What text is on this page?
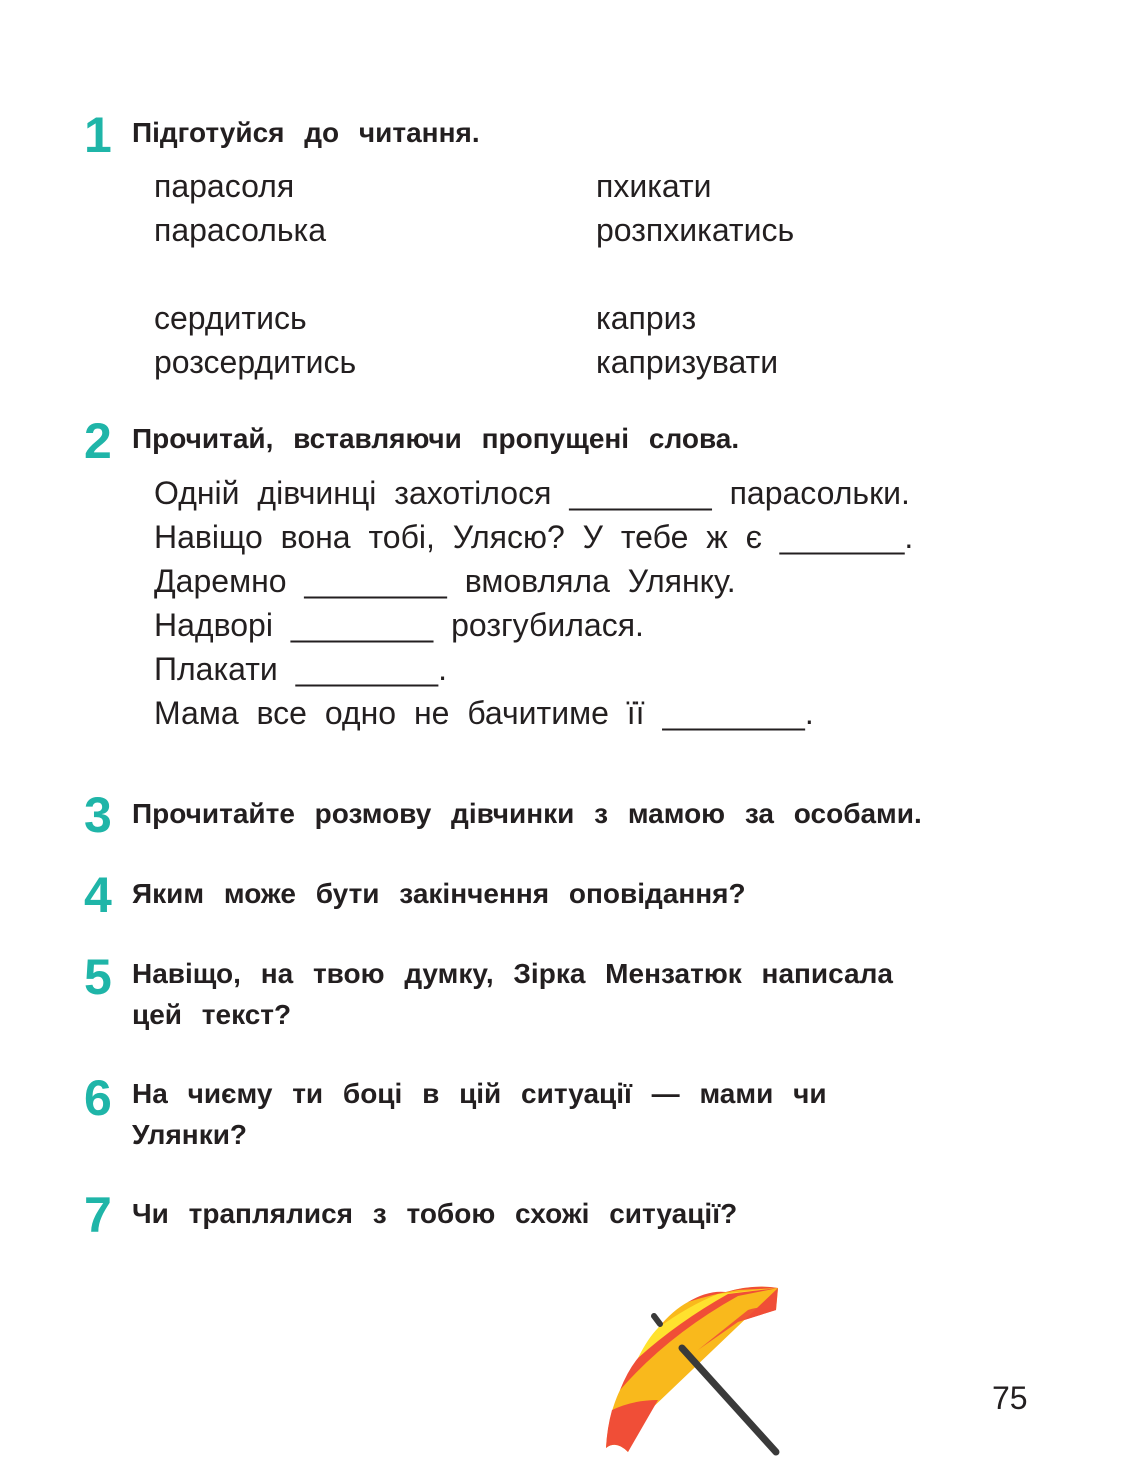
1 Підготуйся до читання.
парасоля
парасолька
пхикати
розпхикатись
сердитись
розсердитись
каприз
капризувати
2 Прочитай, вставляючи пропущені слова.
Одній дівчинці захотілося ________ парасольки.
Навіщо вона тобі, Улясю? У тебе ж є _______.
Даремно ________ вмовляла Улянку.
Надворі ________ розгубилася.
Плакати ________.
Мама все одно не бачитиме її ________.
3 Прочитайте розмову дівчинки з мамою за особами.
4 Яким може бути закінчення оповідання?
5 Навіщо, на твою думку, Зірка Мензатюк написала
цей текст?
6 На чиєму ти боці в цій ситуації — мами чи
Улянки?
7 Чи траплялися з тобою схожі ситуації?
75
